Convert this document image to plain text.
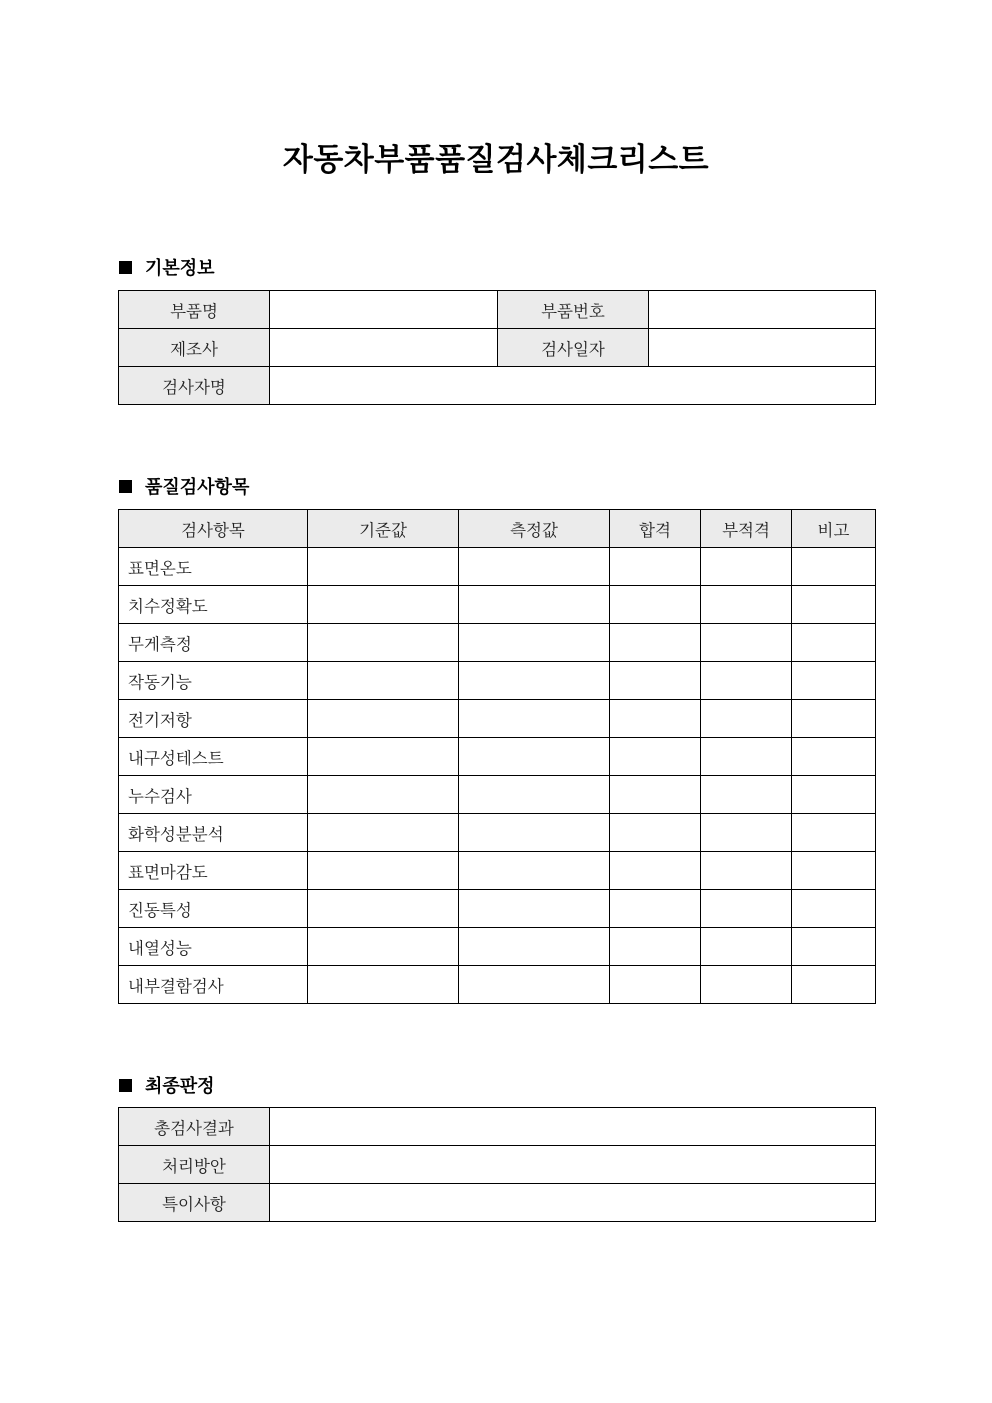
자동차부품품질검사체크리스트
기본정보
부품명		부품번호	
제조사		검사일자	
검사자명			
품질검사항목
검사항목	기준값	측정값	합격	부적격	비고
표면온도					
치수정확도					
무게측정					
작동기능					
전기저항					
내구성테스트					
누수검사					
화학성분분석					
표면마감도					
진동특성					
내열성능					
내부결함검사					
최종판정
총검사결과	
처리방안	
특이사항	
